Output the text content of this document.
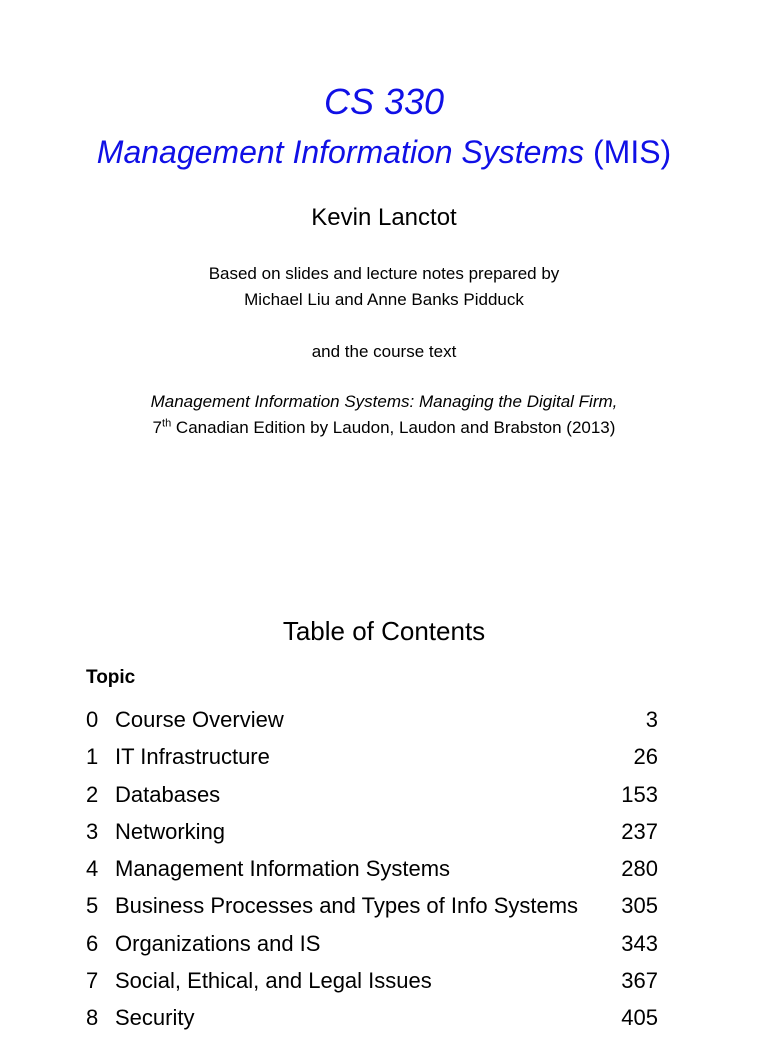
CS 330
Management Information Systems (MIS)
Kevin Lanctot
Based on slides and lecture notes prepared by
Michael Liu and Anne Banks Pidduck
and the course text
Management Information Systems: Managing the Digital Firm,
7th Canadian Edition by Laudon, Laudon and Brabston (2013)
Table of Contents
Topic
0 Course Overview	3
1 IT Infrastructure	26
2 Databases	153
3 Networking	237
4 Management Information Systems	280
5 Business Processes and Types of Info Systems 305
6 Organizations and IS	343
7 Social, Ethical, and Legal Issues	367
8 Security	405
